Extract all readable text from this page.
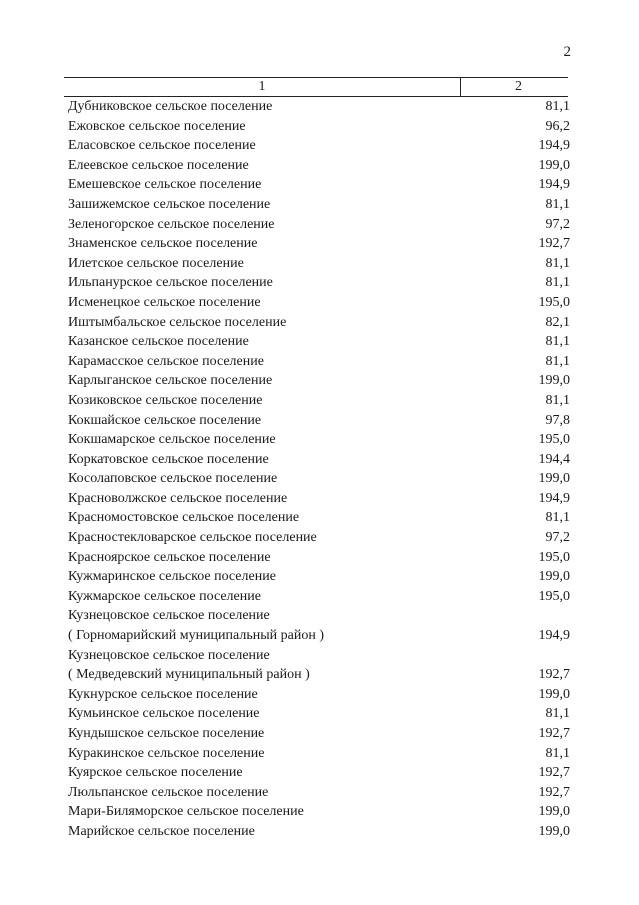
2
1	2
Дубниковское сельское поселение	81,1
Ежовское сельское поселение	96,2
Еласовское сельское поселение	194,9
Елеевское сельское поселение	199,0
Емешевское сельское поселение	194,9
Зашижемское сельское поселение	81,1
Зеленогорское сельское поселение	97,2
Знаменское сельское поселение	192,7
Илетское сельское поселение	81,1
Ильпанурское сельское поселение	81,1
Исменецкое сельское поселение	195,0
Иштымбальское сельское поселение	82,1
Казанское сельское поселение	81,1
Карамасское сельское поселение	81,1
Карлыганское сельское поселение	199,0
Козиковское сельское поселение	81,1
Кокшайское сельское поселение	97,8
Кокшамарское сельское поселение	195,0
Коркатовское сельское поселение	194,4
Косолаповское сельское поселение	199,0
Красноволжское сельское поселение	194,9
Красномостовское сельское поселение	81,1
Красностекловарское сельское поселение	97,2
Красноярское сельское поселение	195,0
Кужмаринское сельское поселение	199,0
Кужмарское сельское поселение	195,0
Кузнецовское сельское поселение
( Горномарийский муниципальный район )	194,9
Кузнецовское сельское поселение
( Медведевский муниципальный район )	192,7
Кукнурское сельское поселение	199,0
Кумьинское сельское поселение	81,1
Кундышское сельское поселение	192,7
Куракинское сельское поселение	81,1
Куярское сельское поселение	192,7
Люльпанское сельское поселение	192,7
Мари-Биляморское сельское поселение	199,0
Марийское сельское поселение	199,0
